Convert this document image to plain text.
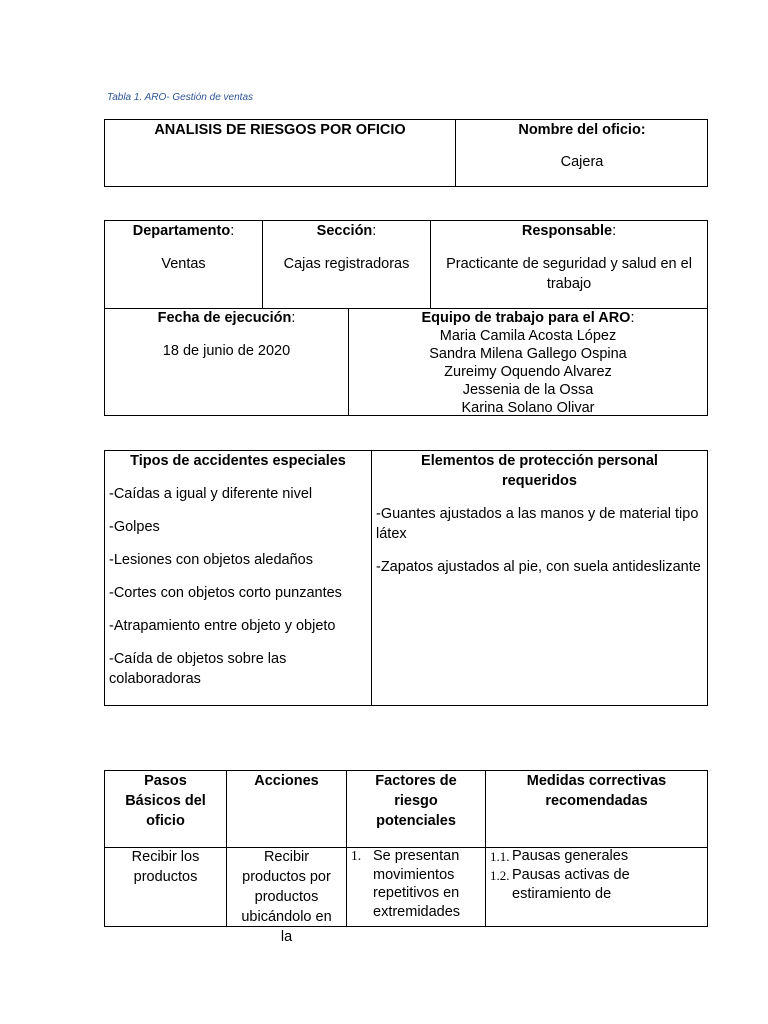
Tabla 1. ARO- Gestión de ventas
ANALISIS DE RIESGOS POR OFICIO	Nombre del oficio:
Cajera

Departamento:

Ventas

Sección:

Cajas registradoras

Responsable:

Practicante de seguridad y salud en el trabajo

Fecha de ejecución:

18 de junio de 2020

Equipo de trabajo para el ARO:

Maria Camila Acosta López

Sandra Milena Gallego Ospina

Zureimy Oquendo Alvarez

Jessenia de la Ossa

Karina Solano Olivar

Tipos de accidentes especiales

-Caídas a igual y diferente nivel

-Golpes

-Lesiones con objetos aledaños

-Cortes con objetos corto punzantes

-Atrapamiento entre objeto y objeto

-Caída de objetos sobre las colaboradoras

Elementos de protección personal requeridos

-Guantes ajustados a las manos y de material tipo látex

-Zapatos ajustados al pie, con suela antideslizante

Pasos Básicos del oficio
Acciones	Factores de riesgo potenciales
Medidas correctivas recomendadas
Recibir los productos
Recibir productos por productos ubicándolo en la
1. Se presentan movimientos repetitivos en extremidades
1.1. Pausas generales
1.2. Pausas activas de estiramiento de
